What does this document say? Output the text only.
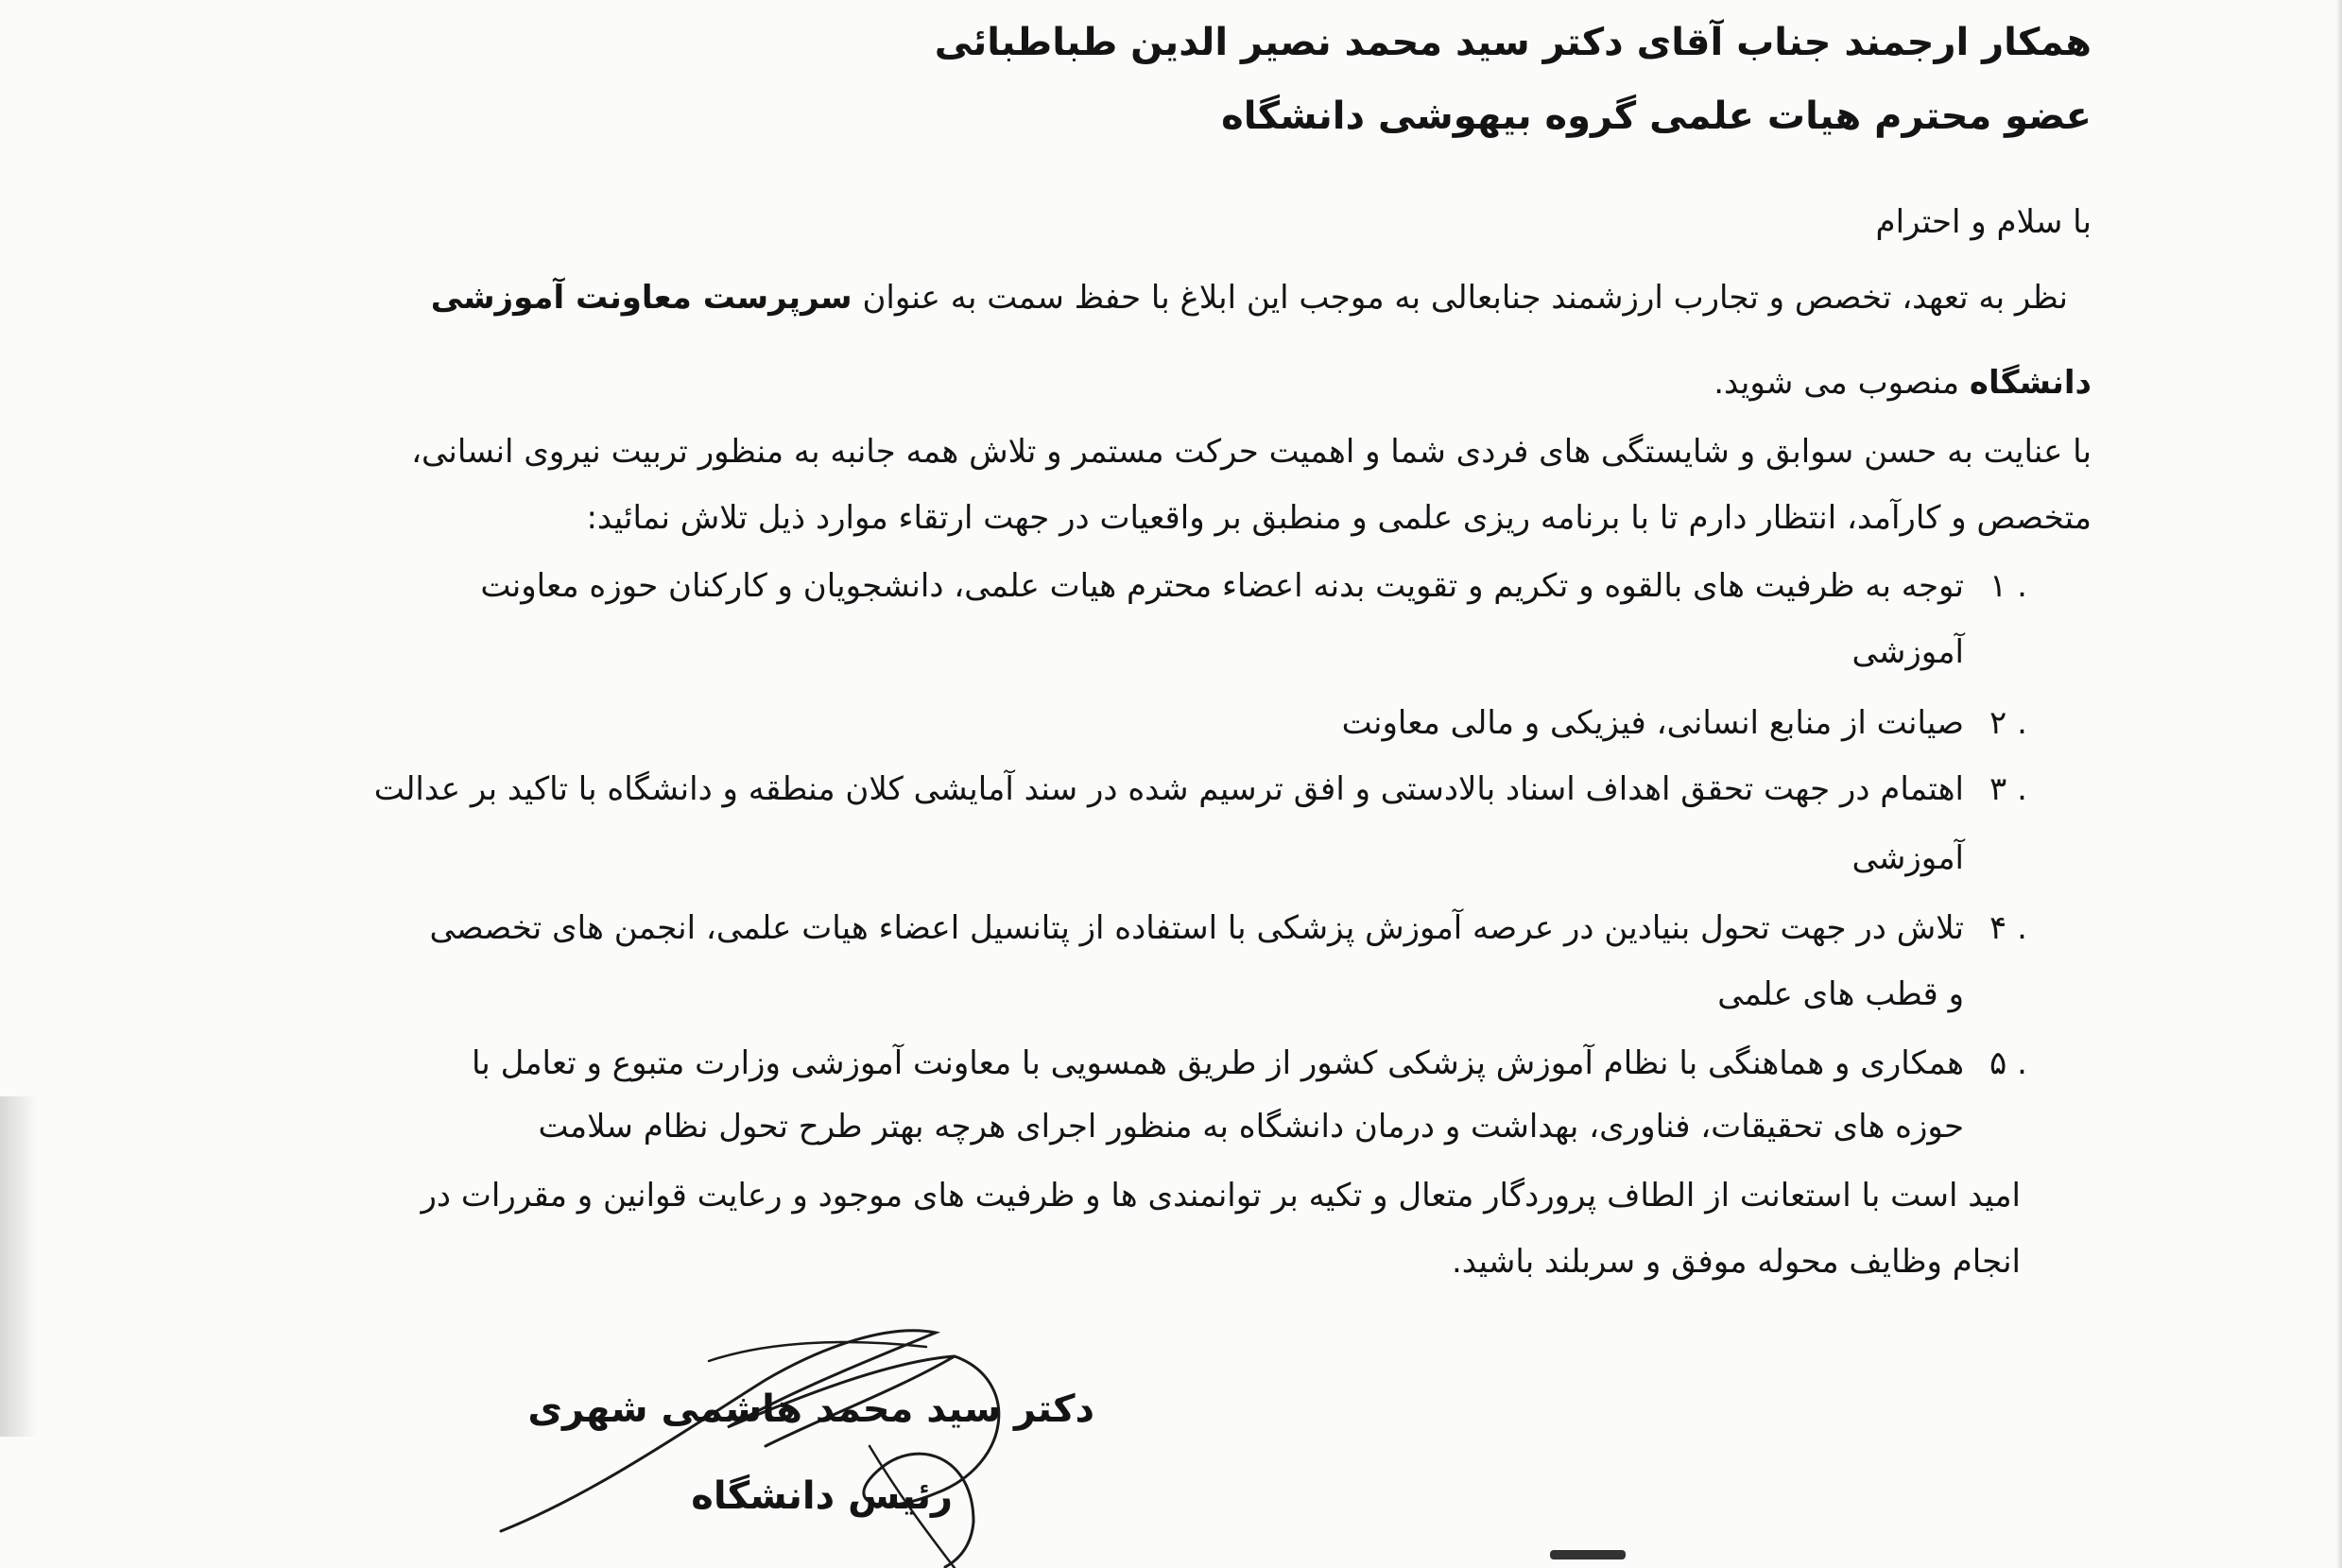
همکار ارجمند جناب آقای دکتر سید محمد نصیر الدین طباطبائی
عضو محترم هیات علمی گروه بیهوشی دانشگاه
با سلام و احترام
نظر به تعهد، تخصص و تجارب ارزشمند جنابعالی به موجب این ابلاغ با حفظ سمت به عنوان سرپرست معاونت آموزشی
دانشگاه منصوب می شوید.
با عنایت به حسن سوابق و شایستگی های فردی شما و اهمیت حرکت مستمر و تلاش همه جانبه به منظور تربیت نیروی انسانی،
متخصص و کارآمد، انتظار دارم تا با برنامه ریزی علمی و منطبق بر واقعیات در جهت ارتقاء موارد ذیل تلاش نمائید:
۱ .
توجه به ظرفیت های بالقوه و تکریم و تقویت بدنه اعضاء محترم هیات علمی، دانشجویان و کارکنان حوزه معاونت
آموزشی
۲ .
صیانت از منابع انسانی، فیزیکی و مالی معاونت
۳ .
اهتمام در جهت تحقق اهداف اسناد بالادستی و افق ترسیم شده در سند آمایشی کلان منطقه و دانشگاه با تاکید بر عدالت
آموزشی
۴ .
تلاش در جهت تحول بنیادین در عرصه آموزش پزشکی با استفاده از پتانسیل اعضاء هیات علمی، انجمن های تخصصی
و قطب های علمی
۵ .
همکاری و هماهنگی با نظام آموزش پزشکی کشور از طریق همسویی با معاونت آموزشی وزارت متبوع و تعامل با
حوزه های تحقیقات، فناوری، بهداشت و درمان دانشگاه به منظور اجرای هرچه بهتر طرح تحول نظام سلامت
امید است با استعانت از الطاف پروردگار متعال و تکیه بر توانمندی ها و ظرفیت های موجود و رعایت قوانین و مقررات در
انجام وظایف محوله موفق و سربلند باشید.
دکتر سید محمد هاشمی شهری
رئیس دانشگاه
